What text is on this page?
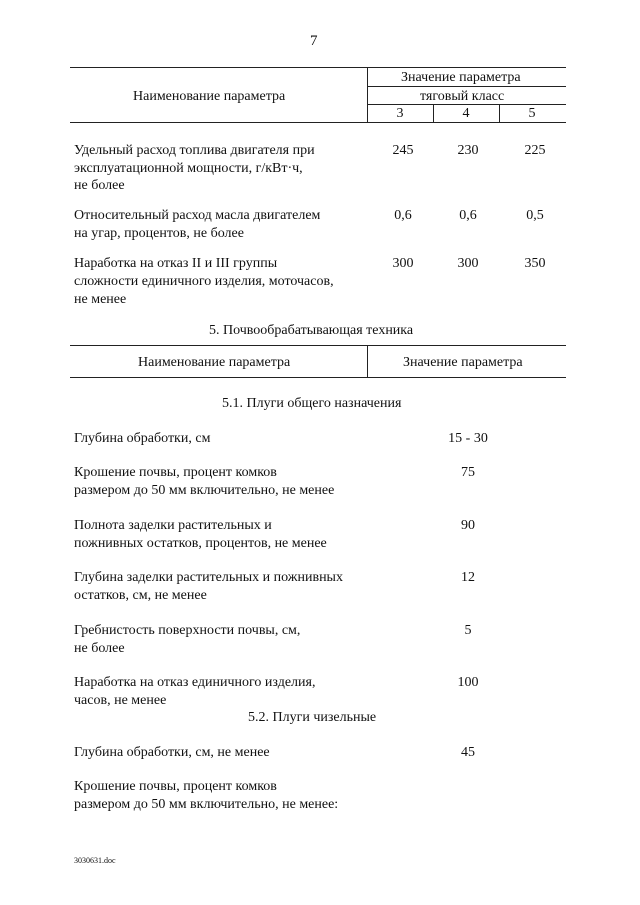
7
Наименование параметра
Значение параметра
тяговый класс
3	4	5
Удельный расход топлива двигателя при
эксплуатационной мощности, г/кВт·ч,
не более
245	230	225
Относительный расход масла двигателем
на угар, процентов, не более
0,6	0,6	0,5
Наработка на отказ II и III группы
сложности единичного изделия, моточасов,
не менее
300	300	350
5. Почвообрабатывающая техника
Наименование параметра	Значение параметра
5.1. Плуги общего назначения
Глубина обработки, см	15 - 30
Крошение почвы, процент комков
размером до 50 мм включительно, не менее
75
Полнота заделки растительных и
пожнивных остатков, процентов, не менее
90
Глубина заделки растительных и пожнивных
остатков, см, не менее
12
Гребнистость поверхности почвы, см,
не более
5
Наработка на отказ единичного изделия,
часов, не менее
100
5.2. Плуги чизельные
Глубина обработки, см, не менее	45
Крошение почвы, процент комков
размером до 50 мм включительно, не менее:
3030631.doc
